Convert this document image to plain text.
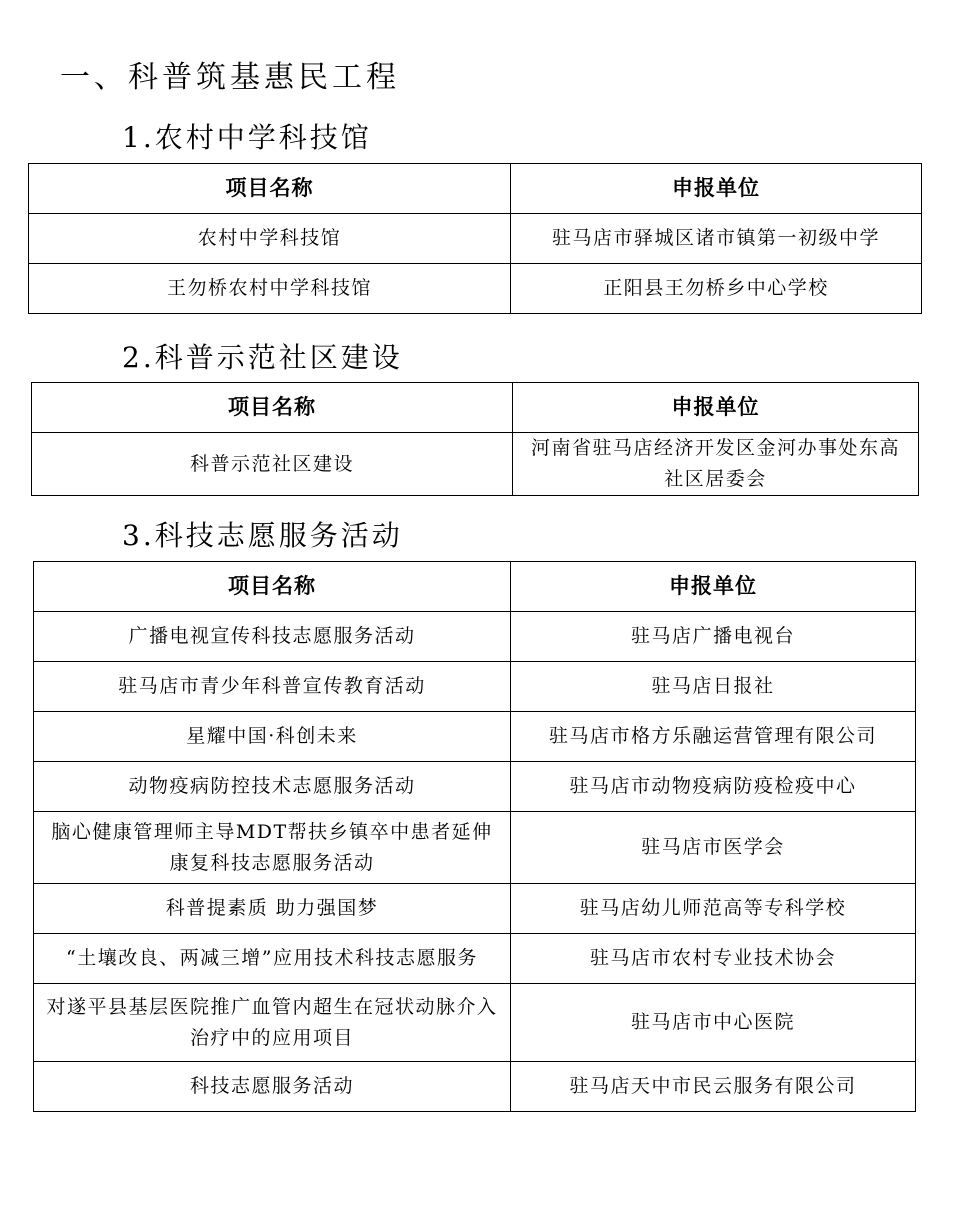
一、科普筑基惠民工程
1.农村中学科技馆
项目名称	申报单位
农村中学科技馆	驻马店市驿城区诸市镇第一初级中学
王勿桥农村中学科技馆	正阳县王勿桥乡中心学校
2.科普示范社区建设
项目名称	申报单位
科普示范社区建设	河南省驻马店经济开发区金河办事处东高社区居委会
3.科技志愿服务活动
项目名称	申报单位
广播电视宣传科技志愿服务活动	驻马店广播电视台
驻马店市青少年科普宣传教育活动	驻马店日报社
星耀中国·科创未来	驻马店市格方乐融运营管理有限公司
动物疫病防控技术志愿服务活动	驻马店市动物疫病防疫检疫中心
脑心健康管理师主导MDT帮扶乡镇卒中患者延伸康复科技志愿服务活动	驻马店市医学会
科普提素质 助力强国梦	驻马店幼儿师范高等专科学校
“土壤改良、两减三增”应用技术科技志愿服务	驻马店市农村专业技术协会
对遂平县基层医院推广血管内超生在冠状动脉介入治疗中的应用项目	驻马店市中心医院
科技志愿服务活动	驻马店天中市民云服务有限公司
